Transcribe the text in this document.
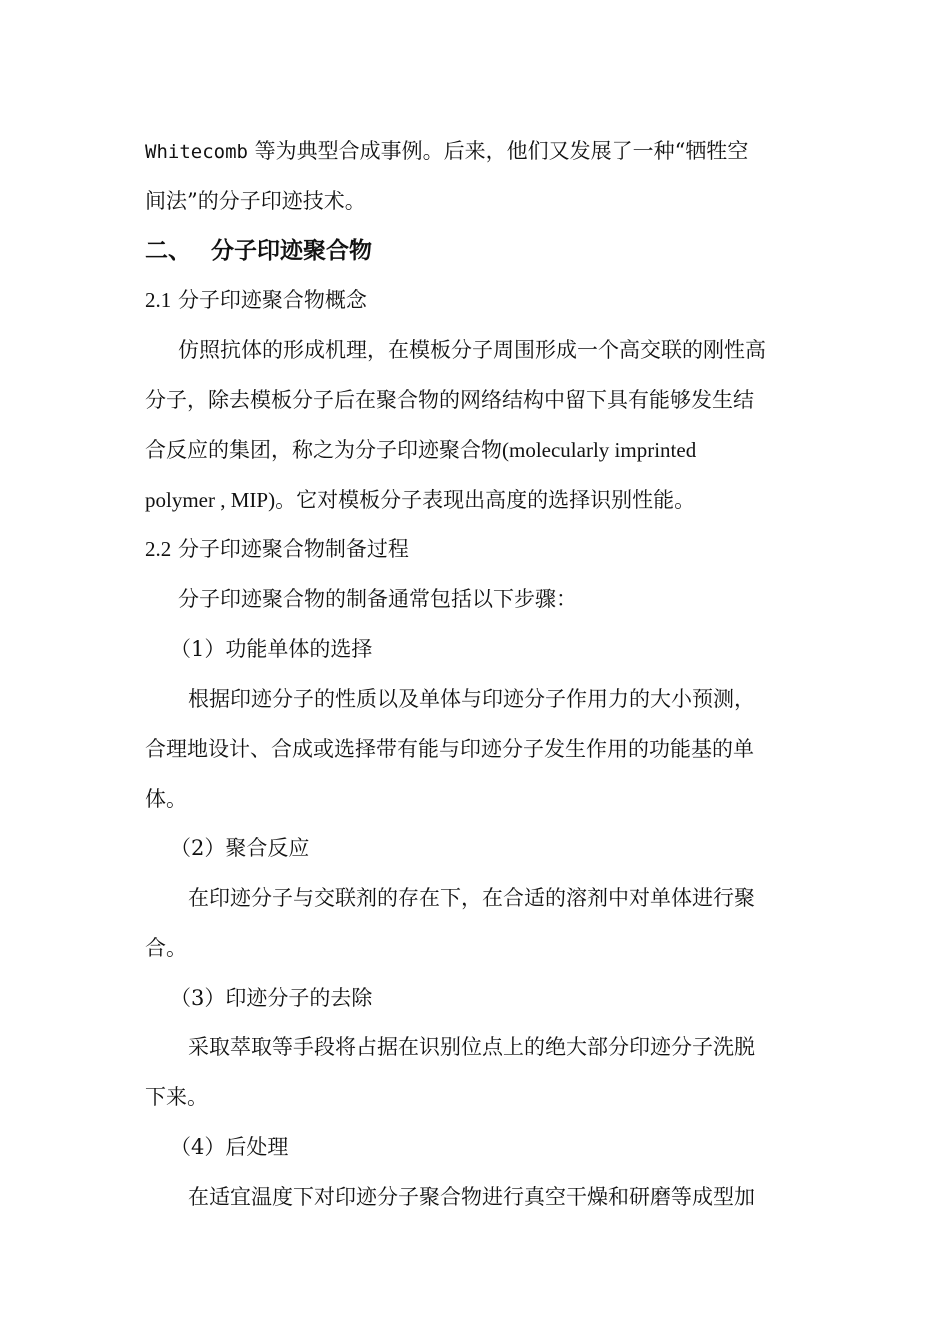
Whitecomb 等为典型合成事例。后来，他们又发展了一种“牺牲空
间法”的分子印迹技术。
二、 分子印迹聚合物
2.1 分子印迹聚合物概念
仿照抗体的形成机理，在模板分子周围形成一个高交联的刚性高
分子，除去模板分子后在聚合物的网络结构中留下具有能够发生结
合反应的集团，称之为分子印迹聚合物(molecularly imprinted
polymer , MIP)。它对模板分子表现出高度的选择识别性能。
2.2 分子印迹聚合物制备过程
分子印迹聚合物的制备通常包括以下步骤：
（1）功能单体的选择
根据印迹分子的性质以及单体与印迹分子作用力的大小预测，
合理地设计、合成或选择带有能与印迹分子发生作用的功能基的单
体。
（2）聚合反应
在印迹分子与交联剂的存在下，在合适的溶剂中对单体进行聚
合。
（3）印迹分子的去除
采取萃取等手段将占据在识别位点上的绝大部分印迹分子洗脱
下来。
（4）后处理
在适宜温度下对印迹分子聚合物进行真空干燥和研磨等成型加
